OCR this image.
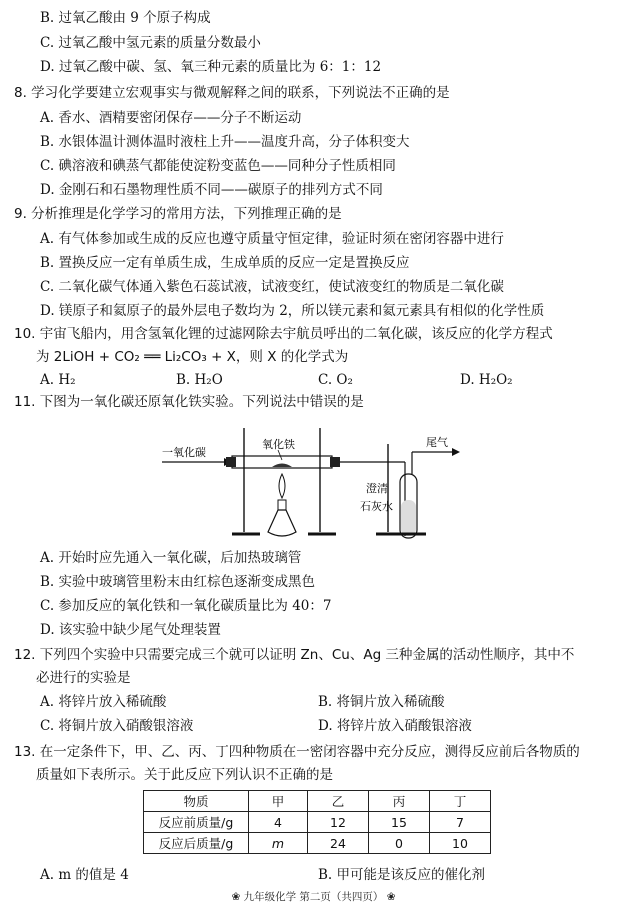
B. 过氧乙酸由 9 个原子构成
C. 过氧乙酸中氢元素的质量分数最小
D. 过氧乙酸中碳、氢、氧三种元素的质量比为 6：1：12
8. 学习化学要建立宏观事实与微观解释之间的联系，下列说法不正确的是
A. 香水、酒精要密闭保存——分子不断运动
B. 水银体温计测体温时液柱上升——温度升高，分子体积变大
C. 碘溶液和碘蒸气都能使淀粉变蓝色——同种分子性质相同
D. 金刚石和石墨物理性质不同——碳原子的排列方式不同
9. 分析推理是化学学习的常用方法，下列推理正确的是
A. 有气体参加或生成的反应也遵守质量守恒定律，验证时须在密闭容器中进行
B. 置换反应一定有单质生成，生成单质的反应一定是置换反应
C. 二氧化碳气体通入紫色石蕊试液，试液变红，使试液变红的物质是二氧化碳
D. 镁原子和氦原子的最外层电子数均为 2，所以镁元素和氦元素具有相似的化学性质
10. 宇宙飞船内，用含氢氧化锂的过滤网除去宇航员呼出的二氧化碳，该反应的化学方程式
为 2LiOH + CO₂ ══ Li₂CO₃ + X，则 X 的化学式为
A. H₂	B. H₂O	C. O₂	D. H₂O₂
11. 下图为一氧化碳还原氧化铁实验。下列说法中错误的是
一氧化碳
氧化铁	尾气
澄清
石灰水
A. 开始时应先通入一氧化碳，后加热玻璃管
B. 实验中玻璃管里粉末由红棕色逐渐变成黑色
C. 参加反应的氧化铁和一氧化碳质量比为 40：7
D. 该实验中缺少尾气处理装置
12. 下列四个实验中只需要完成三个就可以证明 Zn、Cu、Ag 三种金属的活动性顺序，其中不
必进行的实验是
A. 将锌片放入稀硫酸	B. 将铜片放入稀硫酸
C. 将铜片放入硝酸银溶液	D. 将锌片放入硝酸银溶液
13. 在一定条件下，甲、乙、丙、丁四种物质在一密闭容器中充分反应，测得反应前后各物质的
质量如下表所示。关于此反应下列认识不正确的是
物质	甲	乙	丙	丁
反应前质量/g	4	12	15	7
反应后质量/g	m	24	0	10
A. m 的值是 4	B. 甲可能是该反应的催化剂
❀ 九年级化学 第二页（共四页） ❀
